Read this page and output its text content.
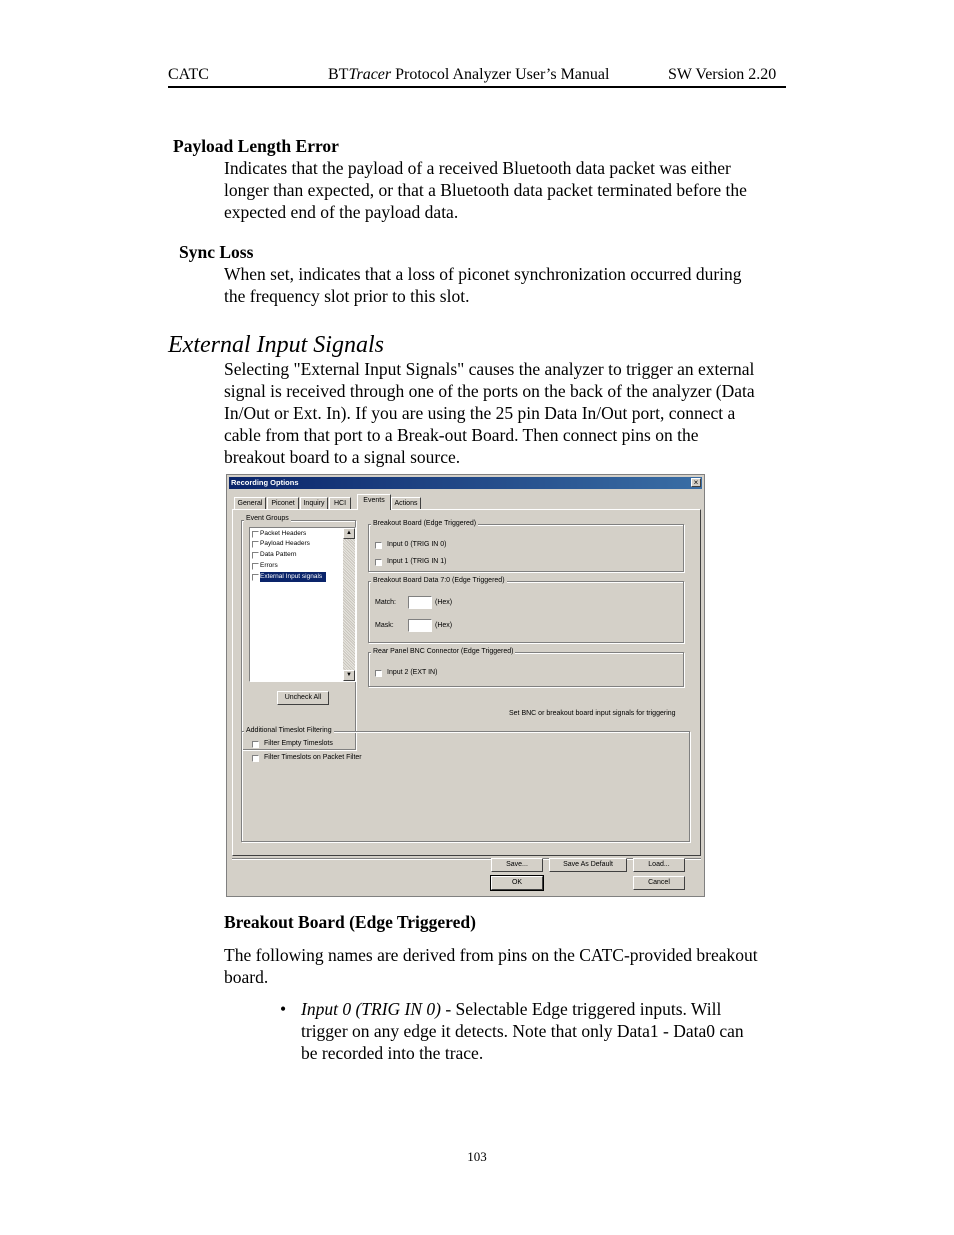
CATC	BTTracer Protocol Analyzer User’s Manual	SW Version 2.20
Payload Length Error
Indicates that the payload of a received Bluetooth data packet was either
longer than expected, or that a Bluetooth data packet terminated before the
expected end of the payload data.
Sync Loss
When set, indicates that a loss of piconet synchronization occurred during
the frequency slot prior to this slot.
External Input Signals
Selecting "External Input Signals" causes the analyzer to trigger an external
signal is received through one of the ports on the back of the analyzer (Data
In/Out or Ext. In). If you are using the 25 pin Data In/Out port, connect a
cable from that port to a Break-out Board. Then connect pins on the
breakout board to a signal source.
Recording Options	×
General	Piconet	Inquiry	HCI	Events	Actions
Event Groups
Packet Headers
Payload Headers
Data Pattern
Errors
External Input signals
▲
▼
Uncheck All
Breakout Board (Edge Triggered)
Input 0 (TRIG IN 0)
Input 1 (TRIG IN 1)
Breakout Board Data 7:0 (Edge Triggered)
Match:	(Hex)
Mask:	(Hex)
Rear Panel BNC Connector (Edge Triggered)
Input 2 (EXT IN)
Set BNC or breakout board input signals for triggering
Additional Timeslot Filtering
Filter Empty Timeslots
Filter Timeslots on Packet Filter
Save...	Save As Default	Load...
OK	Cancel
Breakout Board (Edge Triggered)
The following names are derived from pins on the CATC-provided breakout
board.
• Input 0 (TRIG IN 0) - Selectable Edge triggered inputs. Will
trigger on any edge it detects. Note that only Data1 - Data0 can
be recorded into the trace.
103
